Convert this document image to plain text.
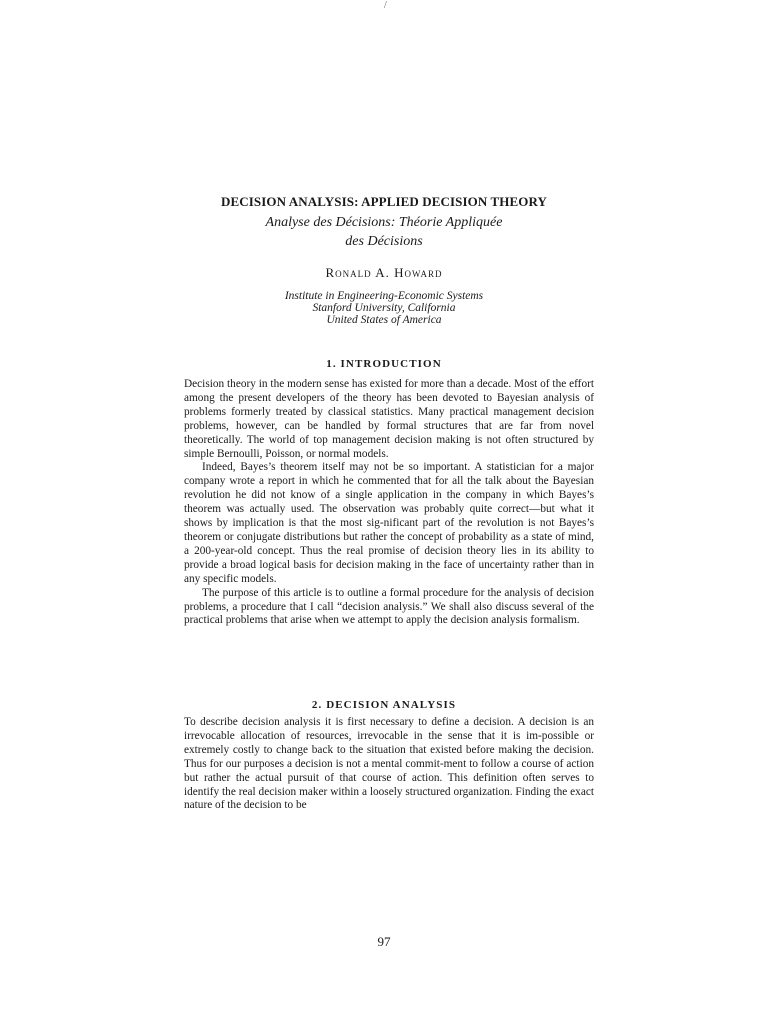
/
DECISION ANALYSIS: APPLIED DECISION THEORY
Analyse des Décisions: Théorie Appliquée
des Décisions
Ronald A. Howard
Institute in Engineering-Economic Systems
Stanford University, California
United States of America
1. INTRODUCTION

Decision theory in the modern sense has existed for more than a decade. Most of the effort among the present developers of the theory has been devoted to Bayesian analysis of problems formerly treated by classical statistics. Many practical management decision problems, however, can be handled by formal structures that are far from novel theoretically. The world of top management decision making is not often structured by simple Bernoulli, Poisson, or normal models.

Indeed, Bayes’s theorem itself may not be so important. A statistician for a major company wrote a report in which he commented that for all the talk about the Bayesian revolution he did not know of a single application in the company in which Bayes’s theorem was actually used. The observation was probably quite correct—but what it shows by implication is that the most sig-nificant part of the revolution is not Bayes’s theorem or conjugate distributions but rather the concept of probability as a state of mind, a 200-year-old concept. Thus the real promise of decision theory lies in its ability to provide a broad logical basis for decision making in the face of uncertainty rather than in any specific models.

The purpose of this article is to outline a formal procedure for the analysis of decision problems, a procedure that I call “decision analysis.” We shall also discuss several of the practical problems that arise when we attempt to apply the decision analysis formalism.

2. DECISION ANALYSIS

To describe decision analysis it is first necessary to define a decision. A decision is an irrevocable allocation of resources, irrevocable in the sense that it is im-possible or extremely costly to change back to the situation that existed before making the decision. Thus for our purposes a decision is not a mental commit-ment to follow a course of action but rather the actual pursuit of that course of action. This definition often serves to identify the real decision maker within a loosely structured organization. Finding the exact nature of the decision to be

97
